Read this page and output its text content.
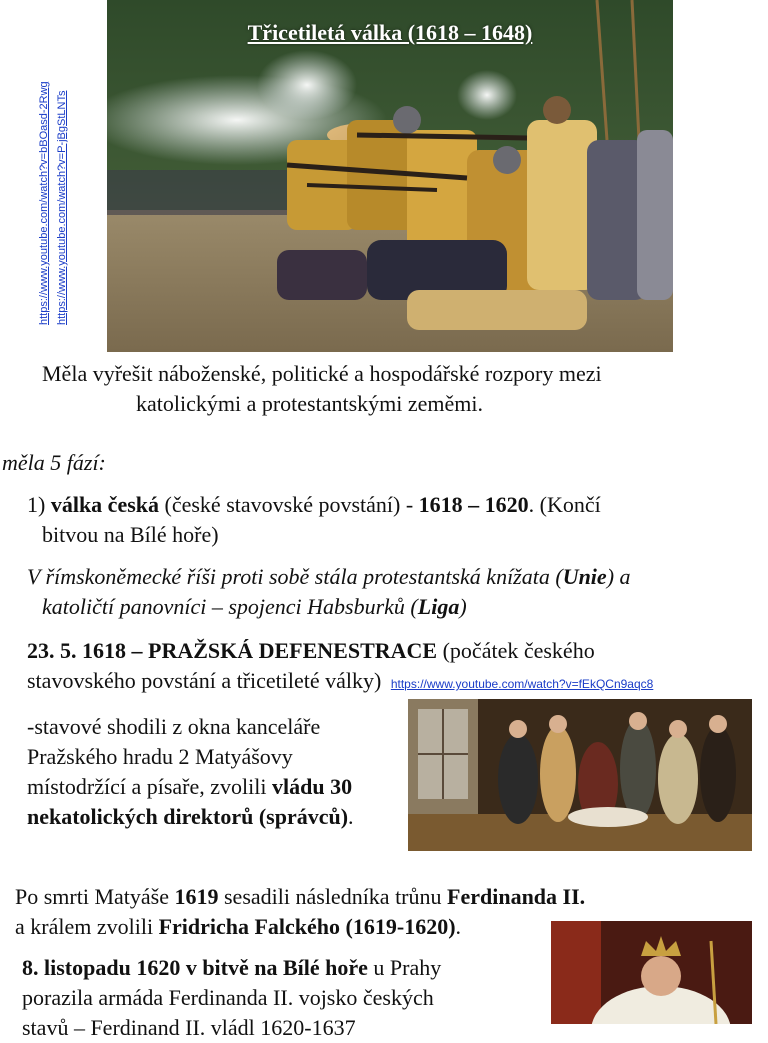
Třicetiletá válka (1618 – 1648)
https://www.youtube.com/watch?v=bBOasd-2Rwg https://www.youtube.com/watch?v=P-jBgStLNTs
Měla vyřešit náboženské, politické a hospodářské rozpory mezi
katolickými a protestantskými zeměmi.
měla 5 fází:
1) válka česká (české stavovské povstání) - 1618 – 1620. (Končí
bitvou na Bílé hoře)
V římskoněmecké říši proti sobě stála protestantská knížata (Unie) a
katoličtí panovníci – spojenci Habsburků (Liga)
23. 5. 1618 – PRAŽSKÁ DEFENESTRACE (počátek českého
stavovského povstání a třicetileté války) https://www.youtube.com/watch?v=fEkQCn9aqc8
-stavové shodili z okna kanceláře
Pražského hradu 2 Matyášovy
místodržící a písaře, zvolili vládu 30
nekatolických direktorů (správců).
Po smrti Matyáše 1619 sesadili následníka trůnu Ferdinanda II.
a králem zvolili Fridricha Falckého (1619-1620).
8. listopadu 1620 v bitvě na Bílé hoře u Prahy
porazila armáda Ferdinanda II. vojsko českých
stavů – Ferdinand II. vládl 1620-1637
